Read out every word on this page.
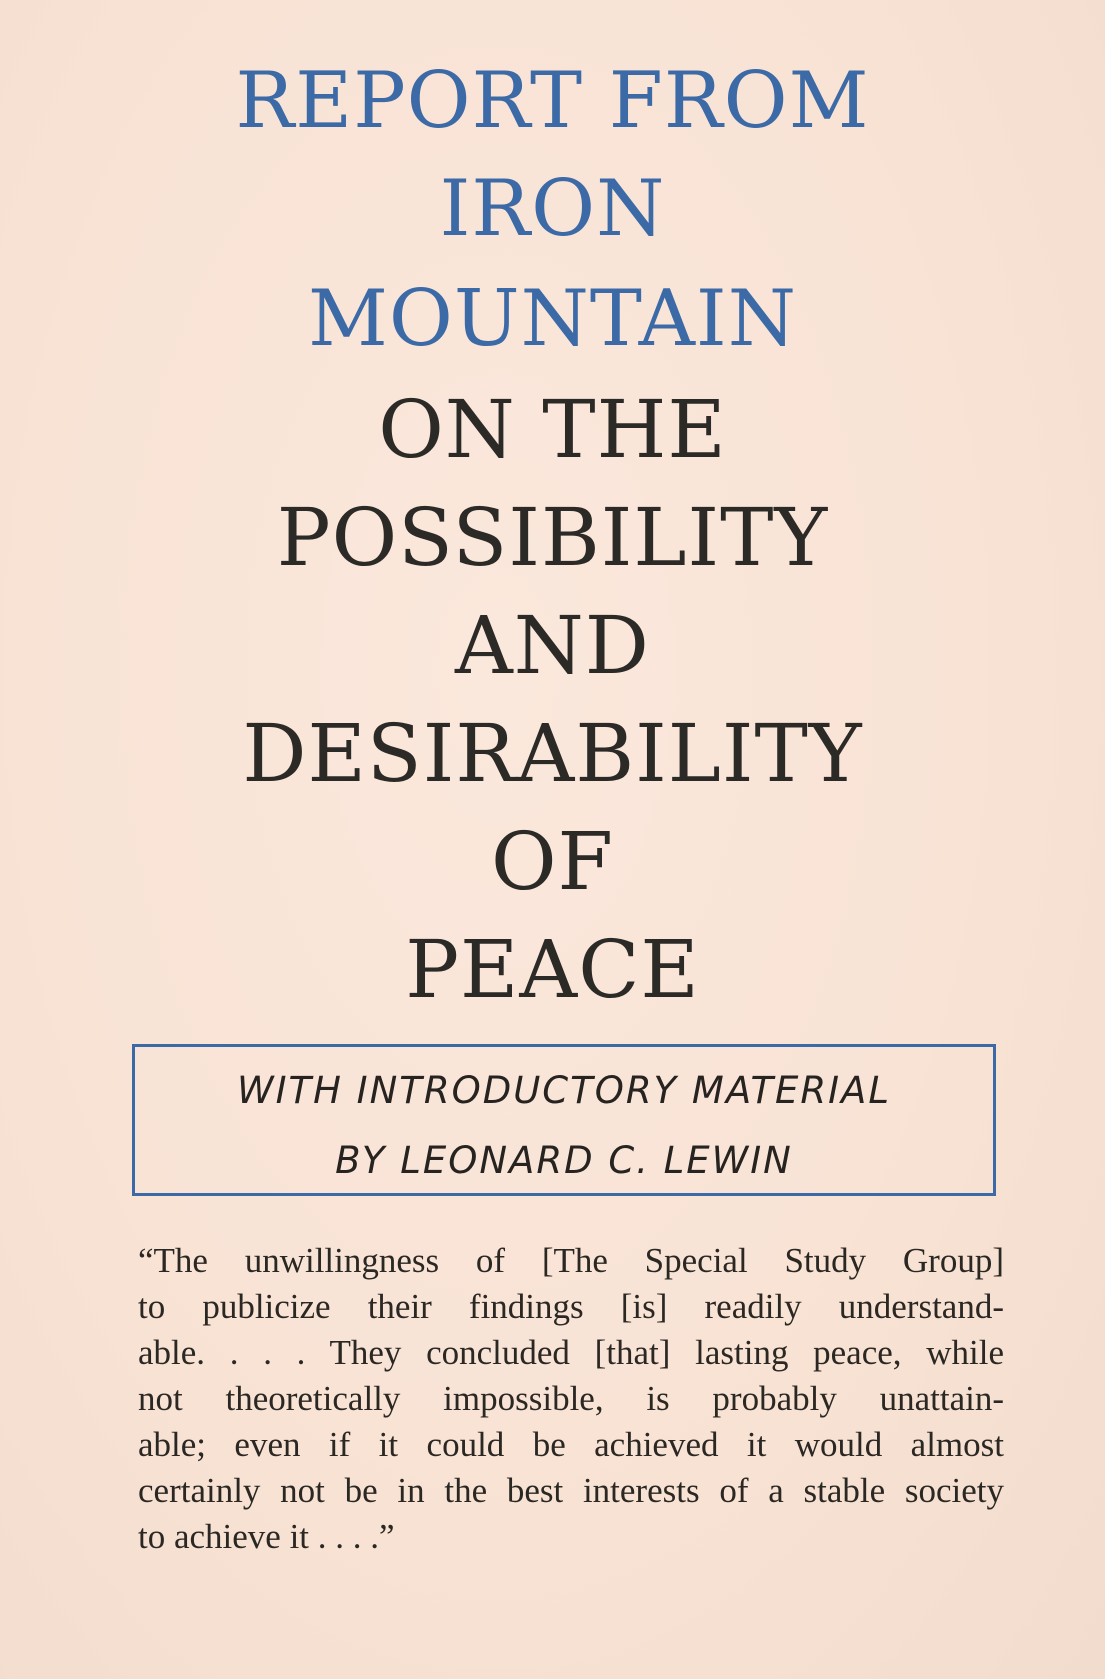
REPORT FROM
IRON
MOUNTAIN
ON THE
POSSIBILITY
AND
DESIRABILITY
OF
PEACE
WITH INTRODUCTORY MATERIAL
BY LEONARD C. LEWIN
“The unwillingness of [The Special Study Group]
to publicize their findings [is] readily understand-
able. . . . They concluded [that] lasting peace, while
not theoretically impossible, is probably unattain-
able; even if it could be achieved it would almost
certainly not be in the best interests of a stable society
to achieve it . . . .”
